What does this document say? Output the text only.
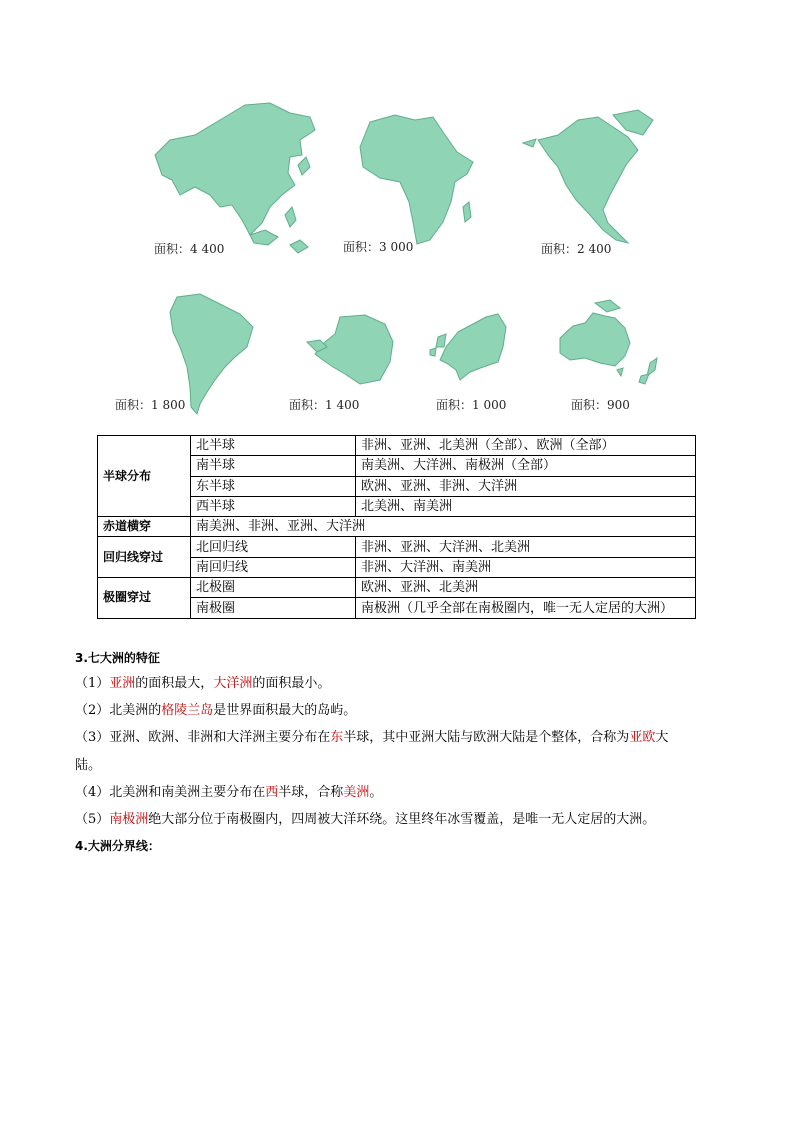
面积：4 400	面积：3 000	面积：2 400
面积：1 800	面积：1 400	面积：1 000	面积：900
半球分布	北半球	非洲、亚洲、北美洲（全部）、欧洲（全部）
	南半球	南美洲、大洋洲、南极洲（全部）
	东半球	欧洲、亚洲、非洲、大洋洲
	西半球	北美洲、南美洲
赤道横穿	南美洲、非洲、亚洲、大洋洲	
回归线穿过	北回归线	非洲、亚洲、大洋洲、北美洲
	南回归线	非洲、大洋洲、南美洲
极圈穿过	北极圈	欧洲、亚洲、北美洲
	南极圈	南极洲（几乎全部在南极圈内，唯一无人定居的大洲）
3.七大洲的特征
（1）亚洲的面积最大，大洋洲的面积最小。
（2）北美洲的格陵兰岛是世界面积最大的岛屿。
（3）亚洲、欧洲、非洲和大洋洲主要分布在东半球，其中亚洲大陆与欧洲大陆是个整体，合称为亚欧大
陆。
（4）北美洲和南美洲主要分布在西半球，合称美洲。
（5）南极洲绝大部分位于南极圈内，四周被大洋环绕。这里终年冰雪覆盖，是唯一无人定居的大洲。
4.大洲分界线：
